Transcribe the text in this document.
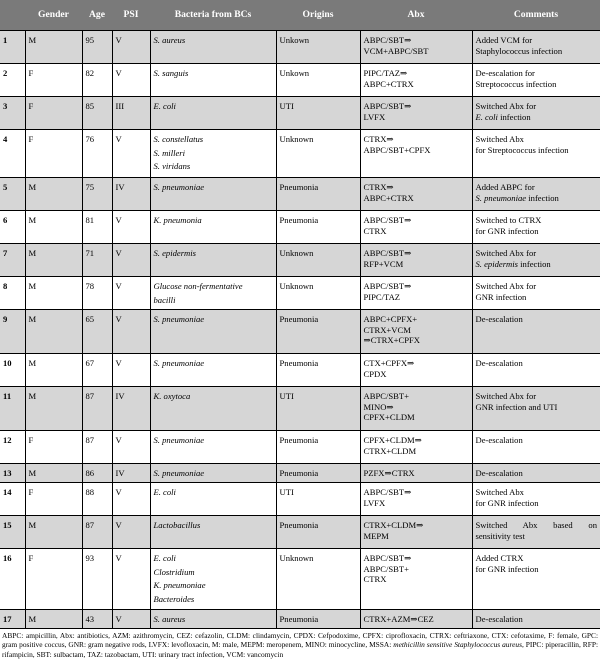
	Gender	Age	PSI	Bacteria from BCs	Origins	Abx	Comments
1	M	95	V	S. aureus	Unkown	ABPC/SBT⇒
VCM+ABPC/SBT	Added VCM for
Staphylococcus infection

2	F	82	V	S. sanguis	Unkown	PIPC/TAZ⇒
ABPC+CTRX	De-escalation for
Streptococcus infection

3	F	85	III	E. coli	UTI	ABPC/SBT⇒
LVFX	Switched Abx for
E. coli infection

4	F	76	V	S. constellatus
S. milleri
S. viridans	Unknown	CTRX⇒
ABPC/SBT+CPFX	Switched Abx
for Streptococcus infection

5	M	75	IV	S. pneumoniae	Pneumonia	CTRX⇒
ABPC+CTRX	Added ABPC for
S. pneumoniae infection

6	M	81	V	K. pneumonia	Pneumonia	ABPC/SBT⇒
CTRX	Switched to CTRX
for GNR infection

7	M	71	V	S. epidermis	Unknown	ABPC/SBT⇒
RFP+VCM	Switched Abx for
S. epidermis infection

8	M	78	V	Glucose non-fermentative
bacilli	Unknown	ABPC/SBT⇒
PIPC/TAZ	Switched Abx for
GNR infection

9	M	65	V	S. pneumoniae	Pneumonia	ABPC+CPFX+
CTRX+VCM
⇒CTRX+CPFX	De-escalation

10	M	67	V	S. pneumoniae	Pneumonia	CTX+CPFX⇒
CPDX	De-escalation

11	M	87	IV	K. oxytoca	UTI	ABPC/SBT+
MINO⇒
CPFX+CLDM	Switched Abx for
GNR infection and UTI

12	F	87	V	S. pneumoniae	Pneumonia	CPFX+CLDM⇒
CTRX+CLDM	De-escalation

13	M	86	IV	S. pneumoniae	Pneumonia	PZFX⇒CTRX	De-escalation

14	F	88	V	E. coli	UTI	ABPC/SBT⇒
LVFX	Switched Abx
for GNR infection

15	M	87	V	Lactobacillus	Pneumonia	CTRX+CLDM⇒
MEPM	Switched Abx based on
sensitivity test

16	F	93	V	E. coli
Clostridium
K. pneumoniae
Bacteroides	Unknown	ABPC/SBT⇒
ABPC/SBT+
CTRX	Added CTRX
for GNR infection

17	M	43	V	S. aureus	Pneumonia	CTRX+AZM⇒CEZ	De-escalation
ABPC: ampicillin, Abx: antibiotics, AZM: azithromycin, CEZ: cefazolin, CLDM: clindamycin, CPDX: Cefpodoxime, CPFX: ciprofloxacin, CTRX: ceftriaxone, CTX: cefotaxime, F: female, GPC: gram positive coccus, GNR: gram negative rods, LVFX: levofloxacin, M: male, MEPM: meropenem, MINO: minocycline, MSSA: methicillin sensitive Staphylococcus aureus, PIPC: piperacillin, RFP: rifampicin, SBT: sulbactam, TAZ: tazobactam, UTI: urinary tract infection, VCM: vancomycin
